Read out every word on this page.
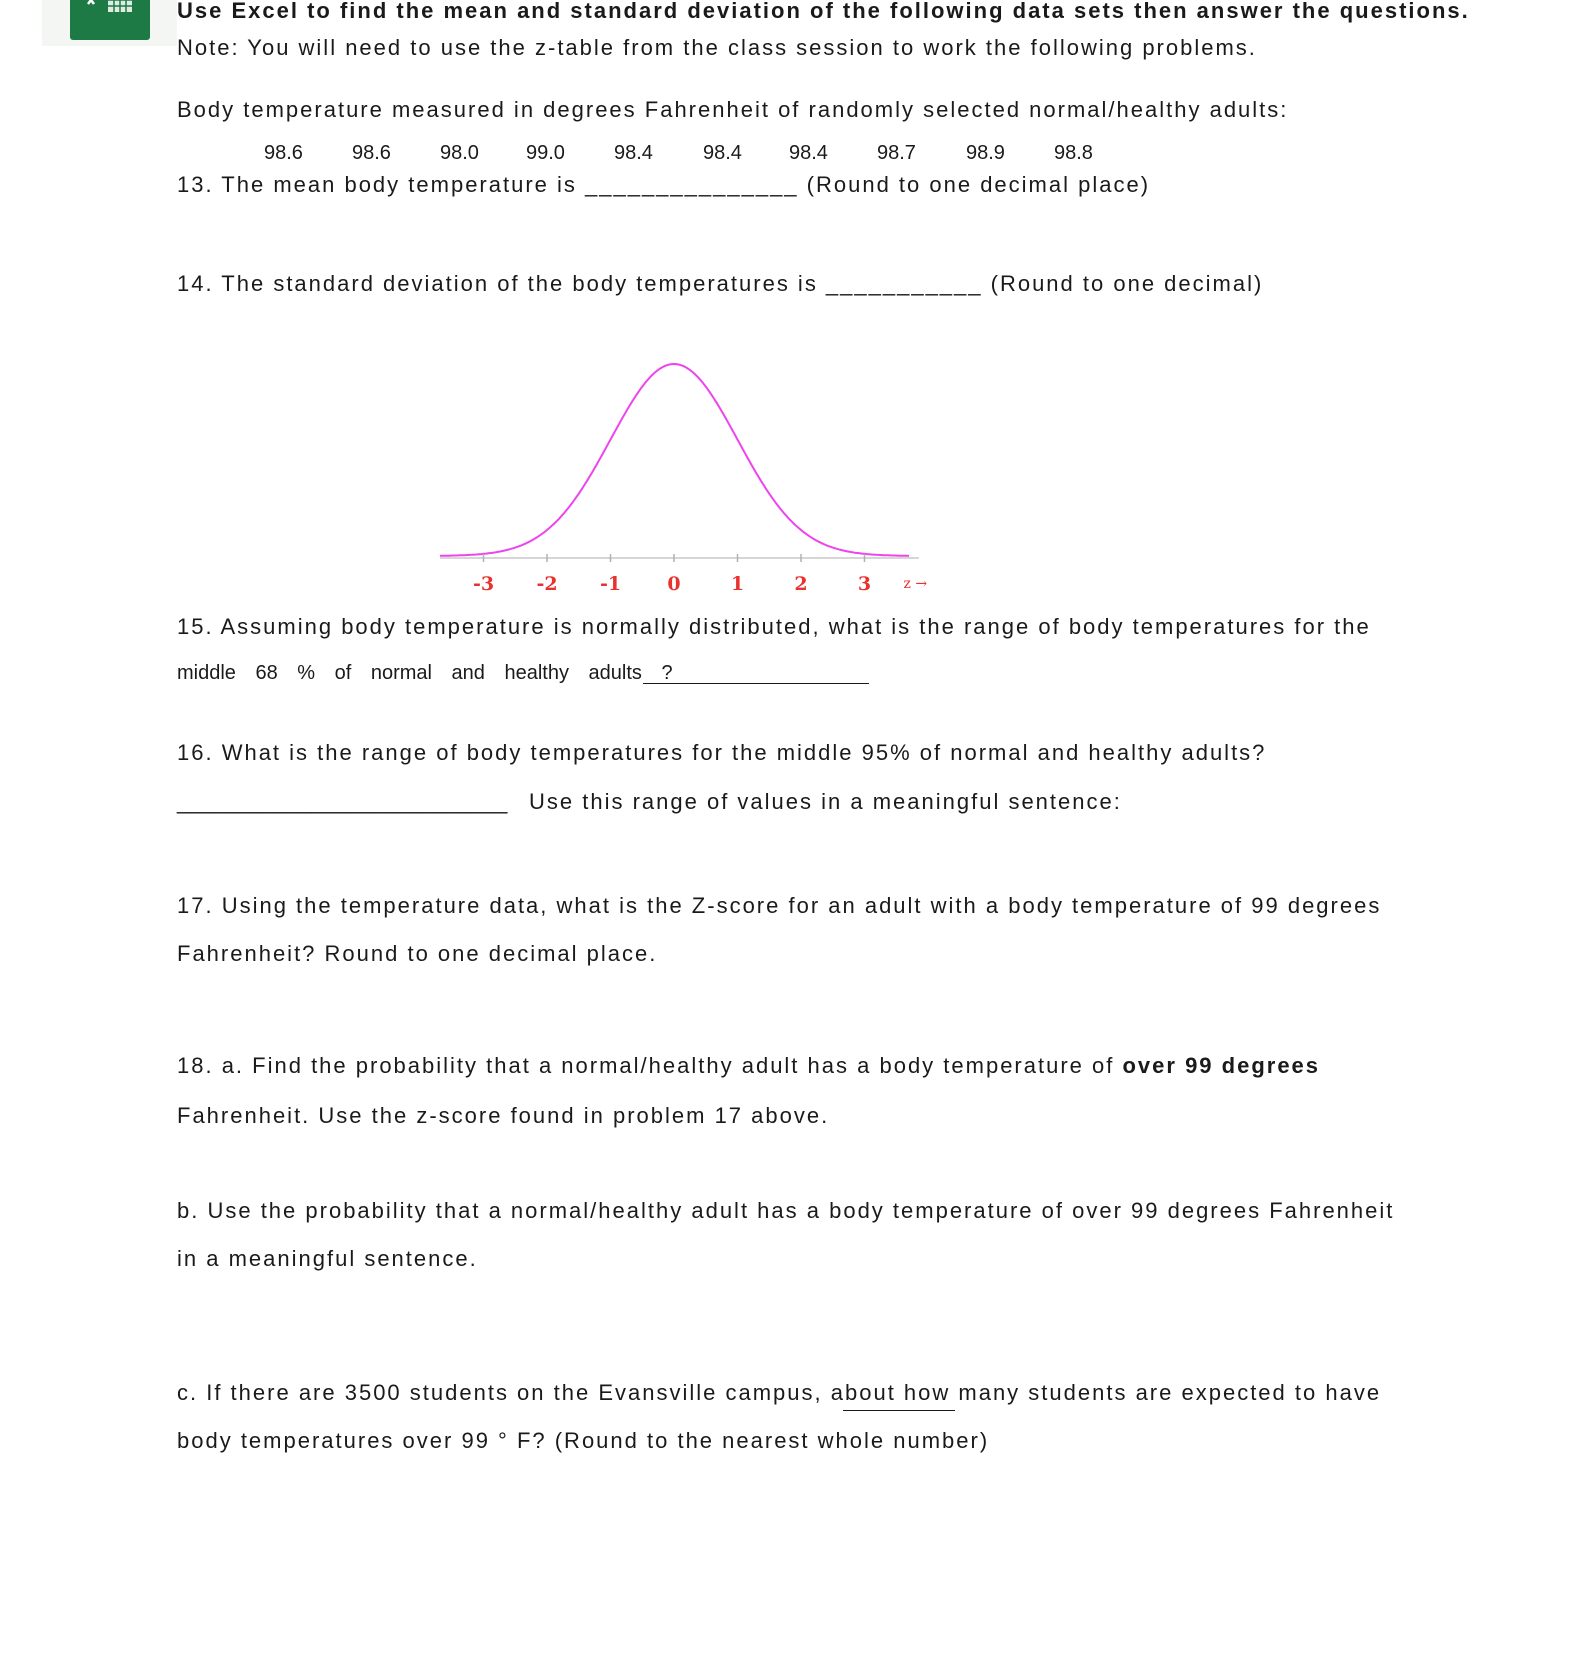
Use Excel to find the mean and standard deviation of the following data sets then answer the questions.
Note: You will need to use the z-table from the class session to work the following problems.
Body temperature measured in degrees Fahrenheit of randomly selected normal/healthy adults:
98.6 98.6 98.0 99.0 98.4	98.4 98.4 98.7	98.9 98.8
13. The mean body temperature is _______________ (Round to one decimal place)
14. The standard deviation of the body temperatures is ___________ (Round to one decimal)
-3 -2 -1 0	1	2	3 z →
15. Assuming body temperature is normally distributed, what is the range of body temperatures for the
middle 68 % of normal and healthy adults ?
16. What is the range of body temperatures for the middle 95% of normal and healthy adults?
___________________________ Use this range of values in a meaningful sentence:
17. Using the temperature data, what is the Z-score for an adult with a body temperature of 99 degrees
Fahrenheit? Round to one decimal place.
18. a. Find the probability that a normal/healthy adult has a body temperature of over 99 degrees
Fahrenheit. Use the z-score found in problem 17 above.
b. Use the probability that a normal/healthy adult has a body temperature of over 99 degrees Fahrenheit
in a meaningful sentence.
c. If there are 3500 students on the Evansville campus, about how many students are expected to have
body temperatures over 99 ° F? (Round to the nearest whole number)
